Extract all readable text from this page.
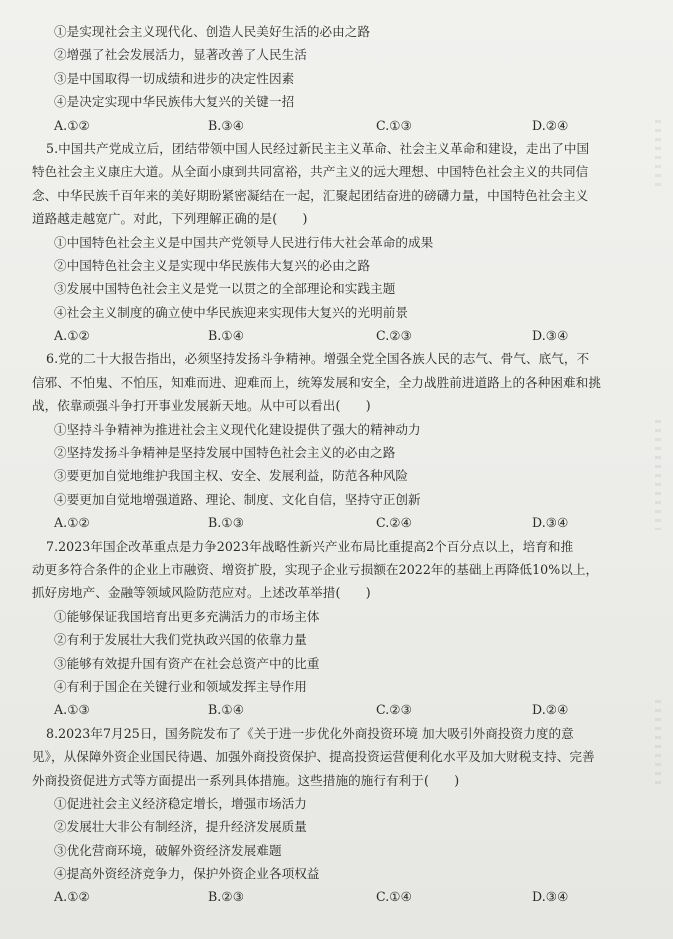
①是实现社会主义现代化、创造人民美好生活的必由之路
②增强了社会发展活力，显著改善了人民生活
③是中国取得一切成绩和进步的决定性因素
④是决定实现中华民族伟大复兴的关键一招
A.①②	B.③④	C.①③	D.②④
5.中国共产党成立后，团结带领中国人民经过新民主主义革命、社会主义革命和建设，走出了中国
特色社会主义康庄大道。从全面小康到共同富裕，共产主义的远大理想、中国特色社会主义的共同信
念、中华民族千百年来的美好期盼紧密凝结在一起，汇聚起团结奋进的磅礴力量，中国特色社会主义
道路越走越宽广。对此，下列理解正确的是(　　)
①中国特色社会主义是中国共产党领导人民进行伟大社会革命的成果
②中国特色社会主义是实现中华民族伟大复兴的必由之路
③发展中国特色社会主义是党一以贯之的全部理论和实践主题
④社会主义制度的确立使中华民族迎来实现伟大复兴的光明前景
A.①②	B.①④	C.②③	D.③④
6.党的二十大报告指出，必须坚持发扬斗争精神。增强全党全国各族人民的志气、骨气、底气，不
信邪、不怕鬼、不怕压，知难而进、迎难而上，统筹发展和安全，全力战胜前进道路上的各种困难和挑
战，依靠顽强斗争打开事业发展新天地。从中可以看出(　　)
①坚持斗争精神为推进社会主义现代化建设提供了强大的精神动力
②坚持发扬斗争精神是坚持发展中国特色社会主义的必由之路
③要更加自觉地维护我国主权、安全、发展利益，防范各种风险
④要更加自觉地增强道路、理论、制度、文化自信，坚持守正创新
A.①②	B.①③	C.②④	D.③④
7.2023年国企改革重点是力争2023年战略性新兴产业布局比重提高2个百分点以上，培育和推
动更多符合条件的企业上市融资、增资扩股，实现子企业亏损额在2022年的基础上再降低10%以上，
抓好房地产、金融等领域风险防范应对。上述改革举措(　　)
①能够保证我国培育出更多充满活力的市场主体
②有利于发展壮大我们党执政兴国的依靠力量
③能够有效提升国有资产在社会总资产中的比重
④有利于国企在关键行业和领域发挥主导作用
A.①③	B.①④	C.②③	D.②④
8.2023年7月25日，国务院发布了《关于进一步优化外商投资环境 加大吸引外商投资力度的意
见》，从保障外资企业国民待遇、加强外商投资保护、提高投资运营便利化水平及加大财税支持、完善
外商投资促进方式等方面提出一系列具体措施。这些措施的施行有利于(　　)
①促进社会主义经济稳定增长，增强市场活力
②发展壮大非公有制经济，提升经济发展质量
③优化营商环境，破解外资经济发展难题
④提高外资经济竞争力，保护外资企业各项权益
A.①②	B.②③	C.①④	D.③④
